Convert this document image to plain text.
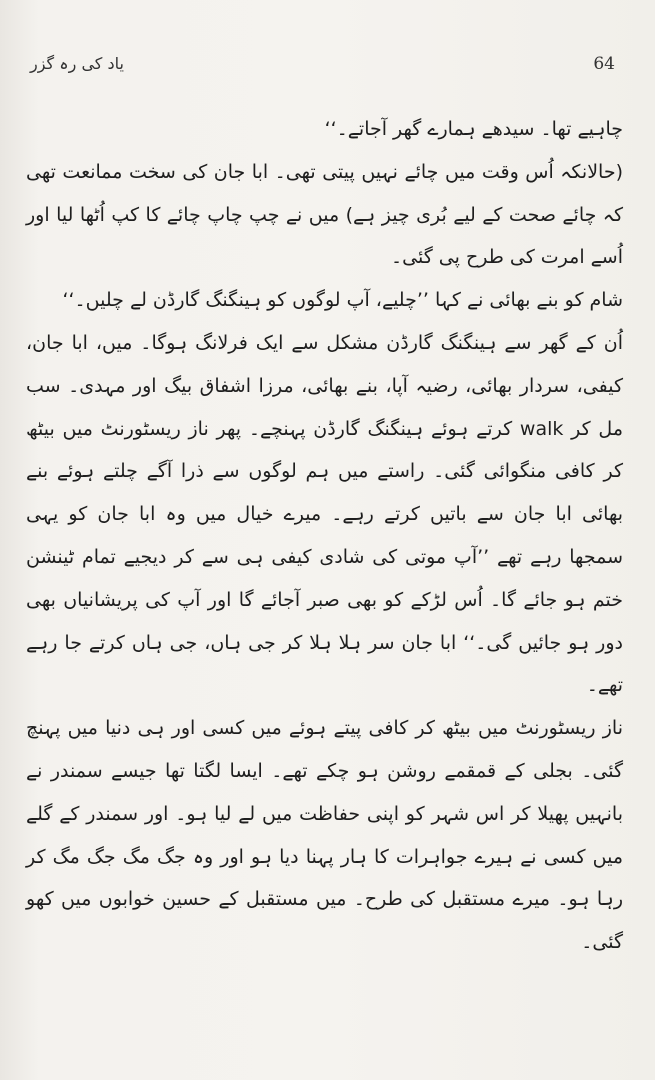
یاد کی رہ گزر	64

چاہیے تھا۔ سیدھے ہمارے گھر آجاتے۔‘‘

(حالانکہ اُس وقت میں چائے نہیں پیتی تھی۔ ابا جان کی سخت ممانعت تھی کہ چائے صحت کے لیے بُری چیز ہے) میں نے چپ چاپ چائے کا کپ اُٹھا لیا اور اُسے امرت کی طرح پی گئی۔

شام کو بنے بھائی نے کہا ’’چلیے، آپ لوگوں کو ہینگنگ گارڈن لے چلیں۔‘‘

اُن کے گھر سے ہینگنگ گارڈن مشکل سے ایک فرلانگ ہوگا۔ میں، ابا جان، کیفی، سردار بھائی، رضیہ آپا، بنے بھائی، مرزا اشفاق بیگ اور مہدی۔ سب مل کر walk کرتے ہوئے ہینگنگ گارڈن پہنچے۔ پھر ناز ریسٹورنٹ میں بیٹھ کر کافی منگوائی گئی۔ راستے میں ہم لوگوں سے ذرا آگے چلتے ہوئے بنے بھائی ابا جان سے باتیں کرتے رہے۔ میرے خیال میں وہ ابا جان کو یہی سمجھا رہے تھے ’’آپ موتی کی شادی کیفی ہی سے کر دیجیے تمام ٹینشن ختم ہو جائے گا۔ اُس لڑکے کو بھی صبر آجائے گا اور آپ کی پریشانیاں بھی دور ہو جائیں گی۔‘‘ ابا جان سر ہلا ہلا کر جی ہاں، جی ہاں کرتے جا رہے تھے۔

ناز ریسٹورنٹ میں بیٹھ کر کافی پیتے ہوئے میں کسی اور ہی دنیا میں پہنچ گئی۔ بجلی کے قمقمے روشن ہو چکے تھے۔ ایسا لگتا تھا جیسے سمندر نے بانہیں پھیلا کر اس شہر کو اپنی حفاظت میں لے لیا ہو۔ اور سمندر کے گلے میں کسی نے ہیرے جواہرات کا ہار پہنا دیا ہو اور وہ جگ مگ جگ مگ کر رہا ہو۔ میرے مستقبل کی طرح۔ میں مستقبل کے حسین خوابوں میں کھو گئی۔
